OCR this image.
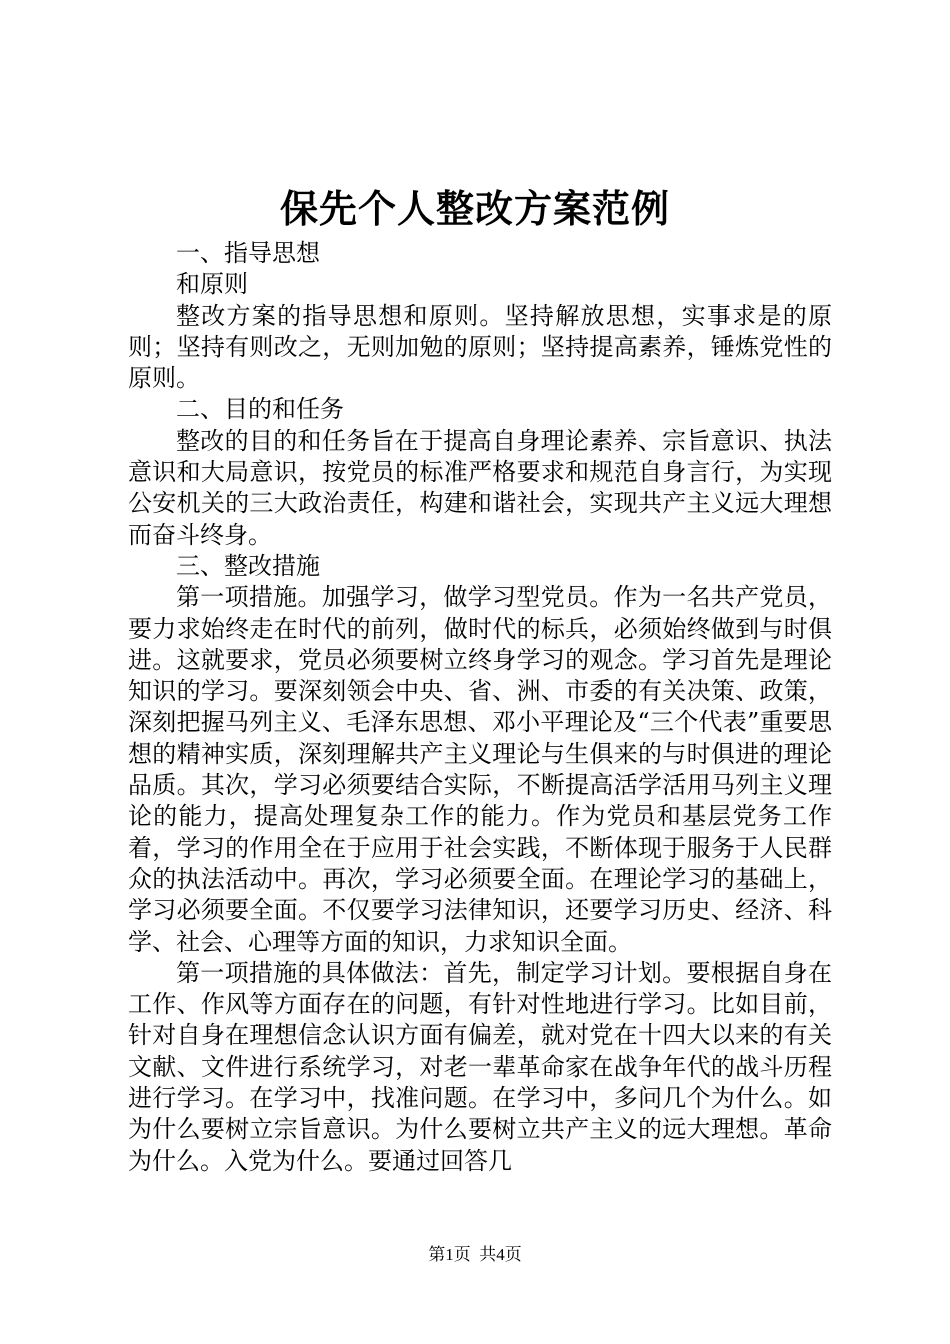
保先个人整改方案范例

一、指导思想

和原则

整改方案的指导思想和原则。坚持解放思想，实事求是的原则；坚持有则改之，无则加勉的原则；坚持提高素养，锤炼党性的原则。

二、目的和任务

整改的目的和任务旨在于提高自身理论素养、宗旨意识、执法意识和大局意识，按党员的标准严格要求和规范自身言行，为实现公安机关的三大政治责任，构建和谐社会，实现共产主义远大理想而奋斗终身。

三、整改措施

第一项措施。加强学习，做学习型党员。作为一名共产党员，要力求始终走在时代的前列，做时代的标兵，必须始终做到与时俱进。这就要求，党员必须要树立终身学习的观念。学习首先是理论知识的学习。要深刻领会中央、省、洲、市委的有关决策、政策，深刻把握马列主义、毛泽东思想、邓小平理论及“三个代表”重要思想的精神实质，深刻理解共产主义理论与生俱来的与时俱进的理论品质。其次，学习必须要结合实际，不断提高活学活用马列主义理论的能力，提高处理复杂工作的能力。作为党员和基层党务工作着，学习的作用全在于应用于社会实践，不断体现于服务于人民群众的执法活动中。再次，学习必须要全面。在理论学习的基础上，学习必须要全面。不仅要学习法律知识，还要学习历史、经济、科学、社会、心理等方面的知识，力求知识全面。

第一项措施的具体做法：首先，制定学习计划。要根据自身在工作、作风等方面存在的问题，有针对性地进行学习。比如目前，针对自身在理想信念认识方面有偏差，就对党在十四大以来的有关文献、文件进行系统学习，对老一辈革命家在战争年代的战斗历程进行学习。在学习中，找准问题。在学习中，多问几个为什么。如为什么要树立宗旨意识。为什么要树立共产主义的远大理想。革命为什么。入党为什么。要通过回答几

第1页 共4页
